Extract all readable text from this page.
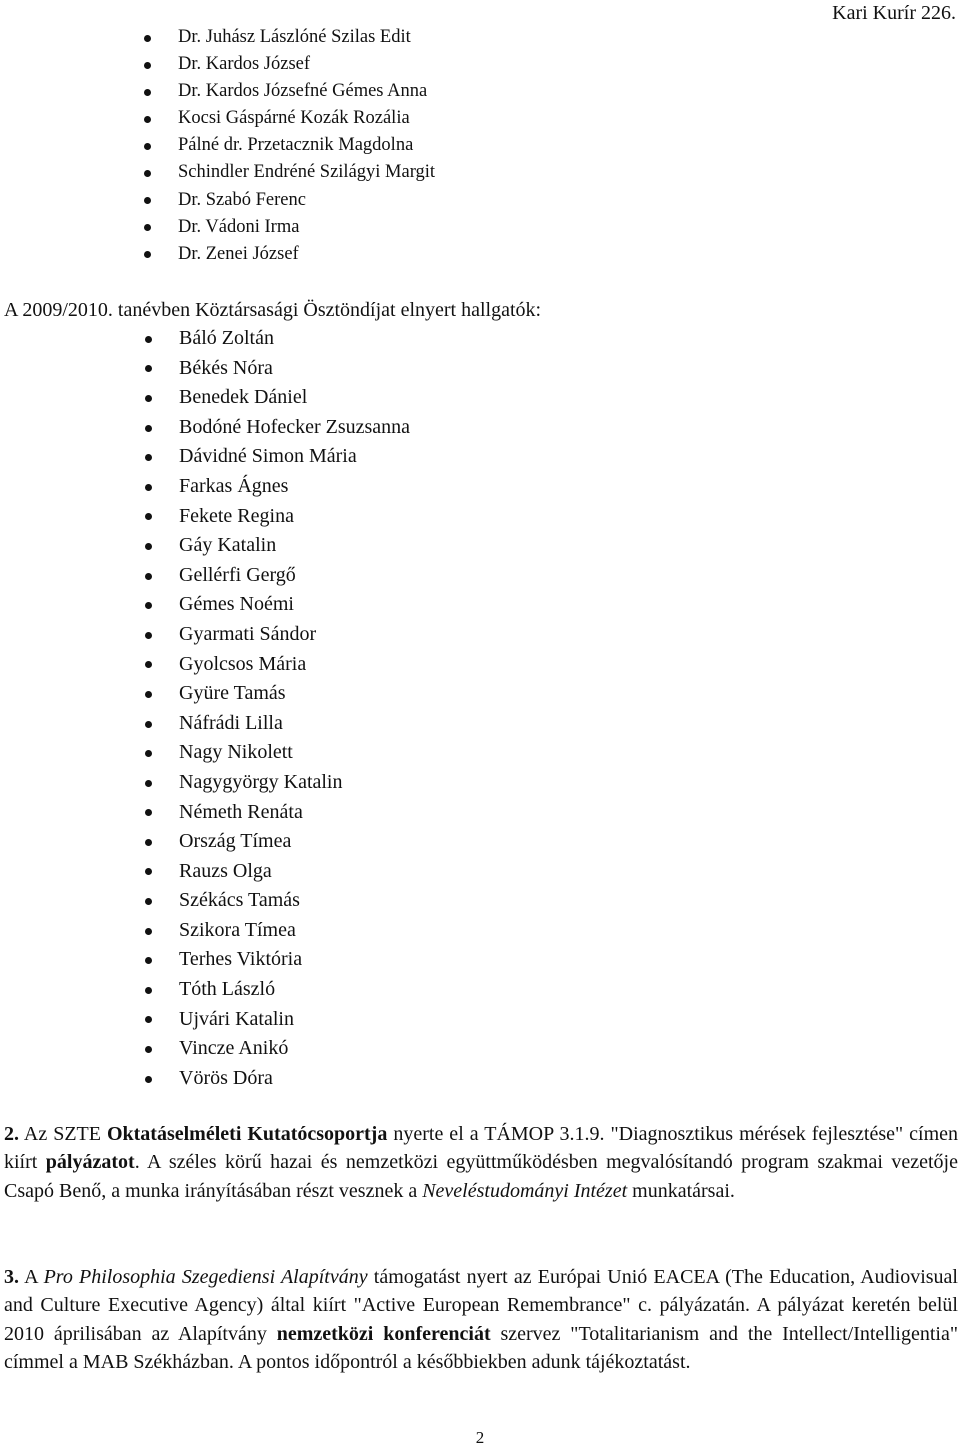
Kari Kurír 226.
Dr. Juhász Lászlóné Szilas Edit
Dr. Kardos József
Dr. Kardos Józsefné Gémes Anna
Kocsi Gáspárné Kozák Rozália
Pálné dr. Przetacznik Magdolna
Schindler Endréné Szilágyi Margit
Dr. Szabó Ferenc
Dr. Vádoni Irma
Dr. Zenei József
A 2009/2010. tanévben Köztársasági Ösztöndíjat elnyert hallgatók:
Báló Zoltán
Békés Nóra
Benedek Dániel
Bodóné Hofecker Zsuzsanna
Dávidné Simon Mária
Farkas Ágnes
Fekete Regina
Gáy Katalin
Gellérfi Gergő
Gémes Noémi
Gyarmati Sándor
Gyolcsos Mária
Gyüre Tamás
Náfrádi Lilla
Nagy Nikolett
Nagygyörgy Katalin
Németh Renáta
Ország Tímea
Rauzs Olga
Székács Tamás
Szikora Tímea
Terhes Viktória
Tóth László
Ujvári Katalin
Vincze Anikó
Vörös Dóra

2. Az SZTE Oktatáselméleti Kutatócsoportja nyerte el a TÁMOP 3.1.9. "Diagnosztikus mérések fejlesztése" címen kiírt pályázatot. A széles körű hazai és nemzetközi együttműködésben megvalósítandó program szakmai vezetője Csapó Benő, a munka irányításában részt vesznek a Neveléstudományi Intézet munkatársai.

3. A Pro Philosophia Szegediensi Alapítvány támogatást nyert az Európai Unió EACEA (The Education, Audiovisual and Culture Executive Agency) által kiírt "Active European Remembrance" c. pályázatán. A pályázat keretén belül 2010 áprilisában az Alapítvány nemzetközi konferenciát szervez "Totalitarianism and the Intellect/Intelligentia" címmel a MAB Székházban. A pontos időpontról a későbbiekben adunk tájékoztatást.

2
